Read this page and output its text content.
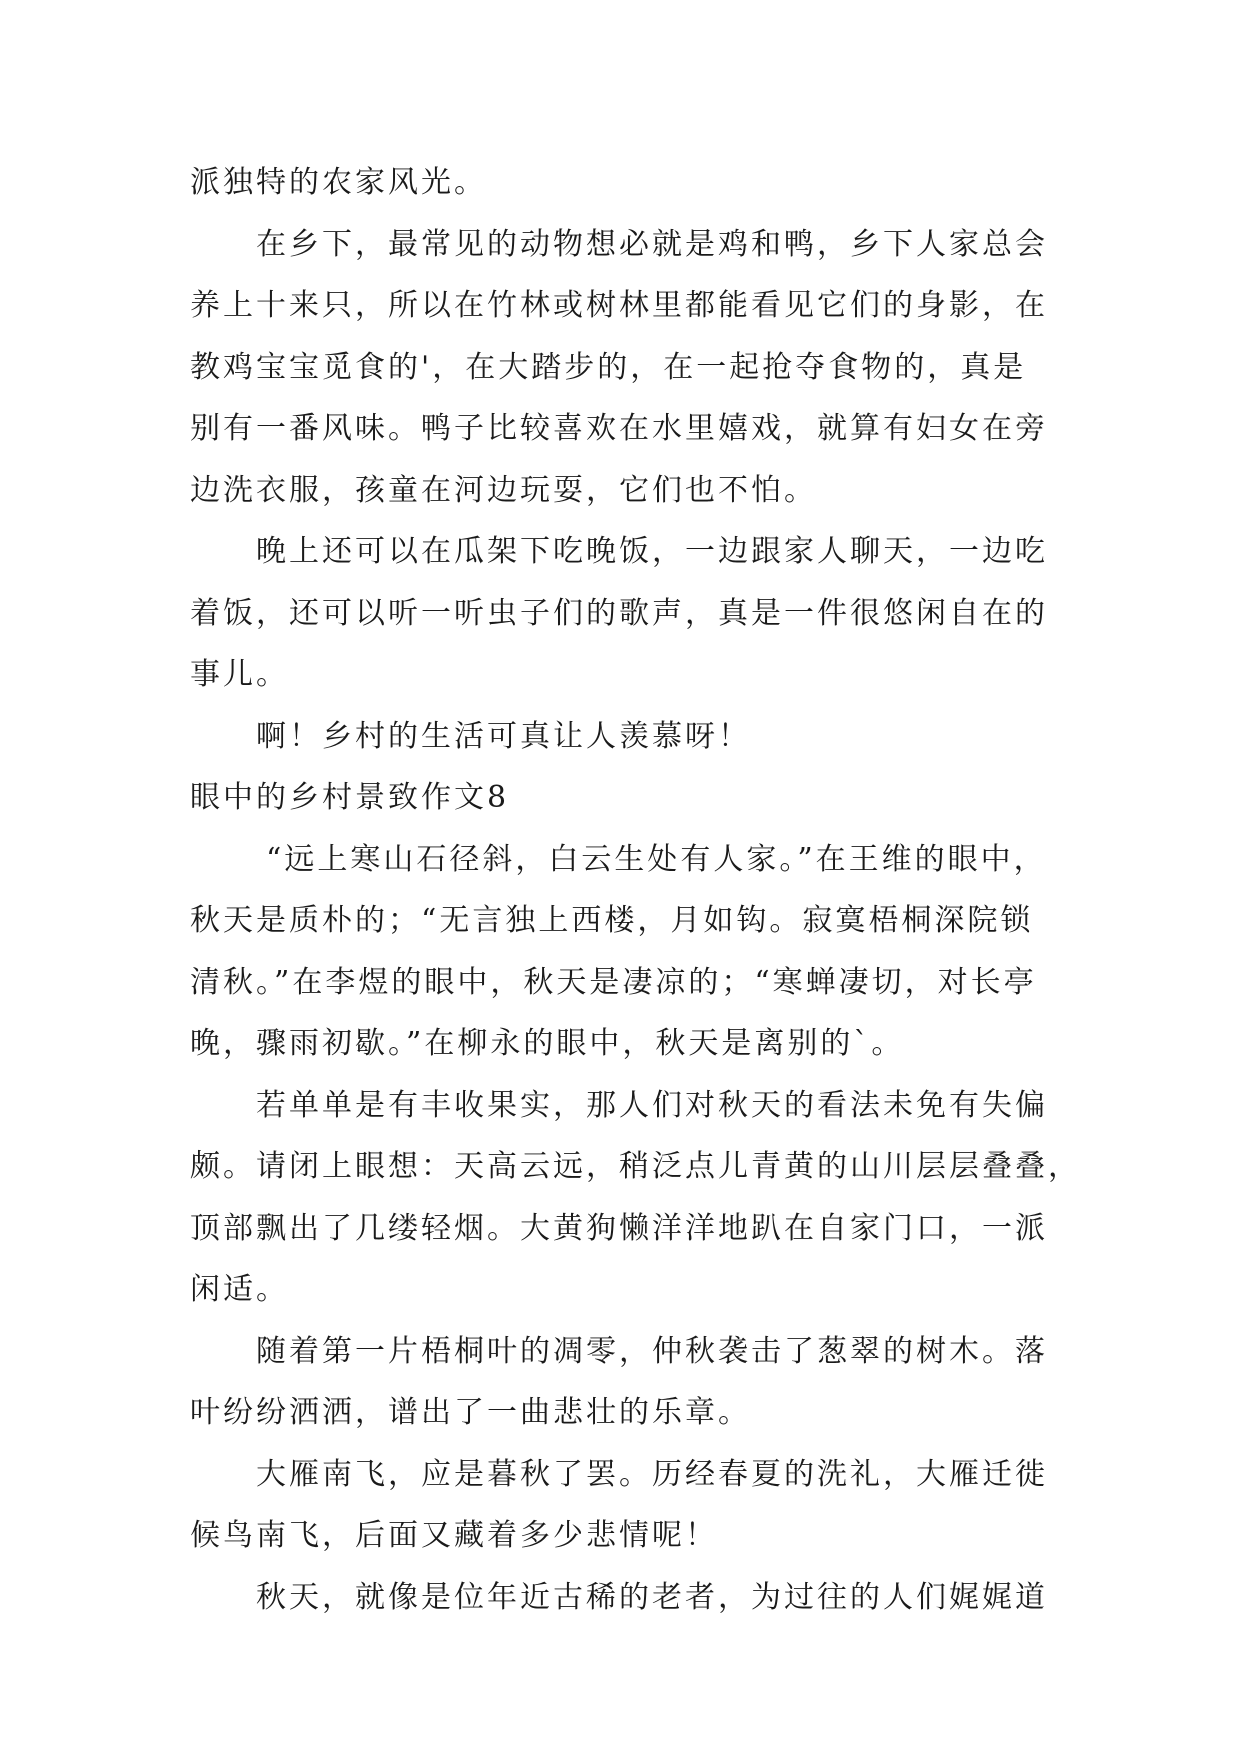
派独特的农家风光。
在乡下，最常见的动物想必就是鸡和鸭，乡下人家总会
养上十来只，所以在竹林或树林里都能看见它们的身影，在
教鸡宝宝觅食的'，在大踏步的，在一起抢夺食物的，真是
别有一番风味。鸭子比较喜欢在水里嬉戏，就算有妇女在旁
边洗衣服，孩童在河边玩耍，它们也不怕。
晚上还可以在瓜架下吃晚饭，一边跟家人聊天，一边吃
着饭，还可以听一听虫子们的歌声，真是一件很悠闲自在的
事儿。
啊！乡村的生活可真让人羡慕呀！
眼中的乡村景致作文8
“远上寒山石径斜，白云生处有人家。”在王维的眼中，
秋天是质朴的；“无言独上西楼，月如钩。寂寞梧桐深院锁
清秋。”在李煜的眼中，秋天是凄凉的；“寒蝉凄切，对长亭
晚，骤雨初歇。”在柳永的眼中，秋天是离别的`。
若单单是有丰收果实，那人们对秋天的看法未免有失偏
颇。请闭上眼想：天高云远，稍泛点儿青黄的山川层层叠叠，
顶部飘出了几缕轻烟。大黄狗懒洋洋地趴在自家门口，一派
闲适。
随着第一片梧桐叶的凋零，仲秋袭击了葱翠的树木。落
叶纷纷洒洒，谱出了一曲悲壮的乐章。
大雁南飞，应是暮秋了罢。历经春夏的洗礼，大雁迁徙
候鸟南飞，后面又藏着多少悲情呢！
秋天，就像是位年近古稀的老者，为过往的人们娓娓道
